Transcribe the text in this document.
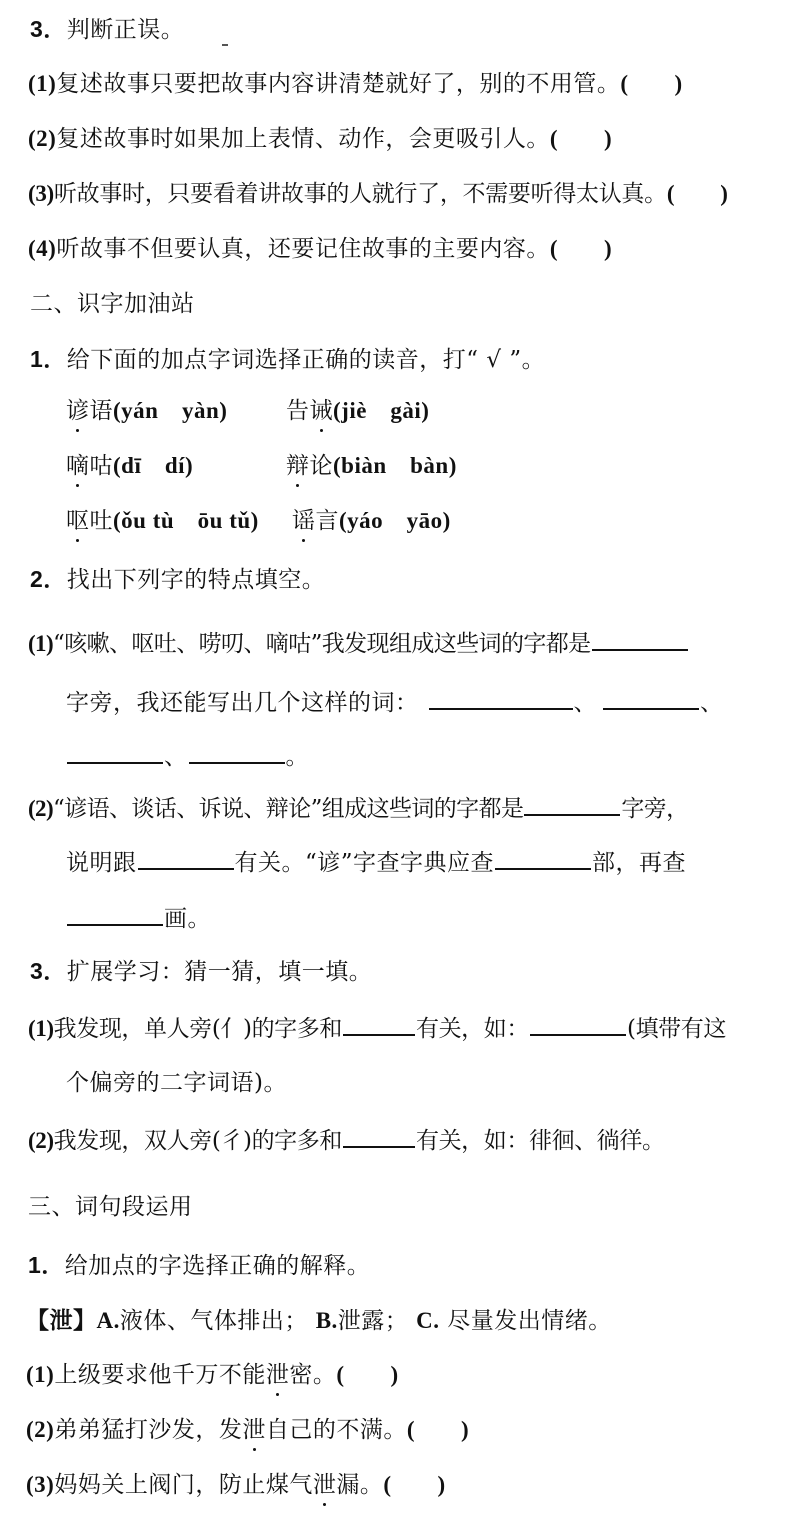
3．判断正误。
(1)复述故事只要把故事内容讲清楚就好了，别的不用管。( )
(2)复述故事时如果加上表情、动作，会更吸引人。( )
(3)听故事时，只要看着讲故事的人就行了，不需要听得太认真。( )
(4)听故事不但要认真，还要记住故事的主要内容。( )
二、识字加油站
1．给下面的加点字词选择正确的读音，打“ √ ”。
谚语(yán　yàn)	告诫(jiè　gài)
嘀咕(dī　dí)	辩论(biàn　bàn)
呕吐(ǒu tù　ōu tǔ) 谣言(yáo　yāo)
2．找出下列字的特点填空。
(1)“咳嗽、呕吐、唠叨、嘀咕”我发现组成这些词的字都是
字旁，我还能写出几个这样的词：	、	、
、	。
(2)“谚语、谈话、诉说、辩论”组成这些词的字都是	字旁，
说明跟	有关。“谚”字查字典应查	部，再查
画。
3．扩展学习：猜一猜，填一填。
(1)我发现，单人旁(亻)的字多和	有关，如：	(填带有这
个偏旁的二字词语)。
(2)我发现，双人旁(彳)的字多和	有关，如：徘徊、徜徉。
三、词句段运用
1．给加点的字选择正确的解释。
【泄】A.液体、气体排出； B.泄露； C. 尽量发出情绪。
(1)上级要求他千万不能泄密。( )
(2)弟弟猛打沙发，发泄自己的不满。( )
(3)妈妈关上阀门，防止煤气泄漏。( )
